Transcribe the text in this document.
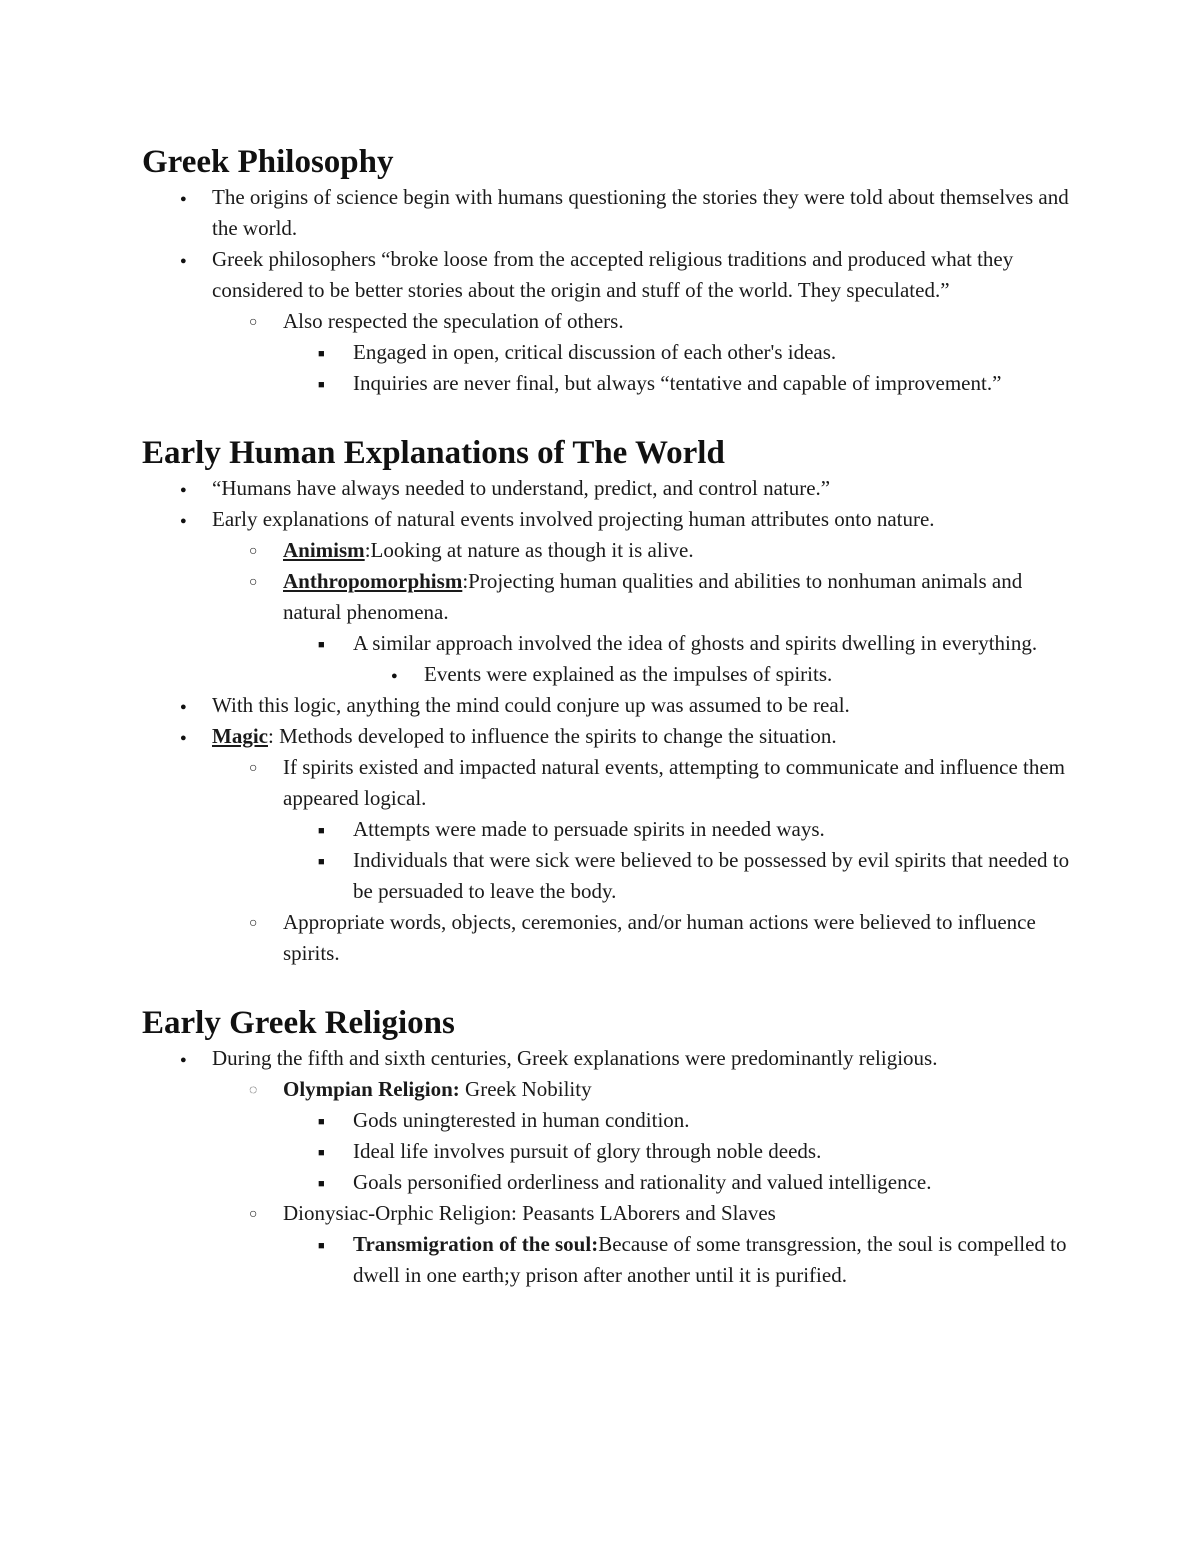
Greek Philosophy
●
The origins of science begin with humans questioning the stories they were told about themselves and the world.
●
Greek philosophers “broke loose from the accepted religious traditions and produced what they considered to be better stories about the origin and stuff of the world. They speculated.”
○
Also respected the speculation of others.
■
Engaged in open, critical discussion of each other's ideas.
■
Inquiries are never final, but always “tentative and capable of improvement.”
Early Human Explanations of The World
●
“Humans have always needed to understand, predict, and control nature.”
●
Early explanations of natural events involved projecting human attributes onto nature.
○
Animism:Looking at nature as though it is alive.
○
Anthropomorphism:Projecting human qualities and abilities to nonhuman animals and natural phenomena.
■
A similar approach involved the idea of ghosts and spirits dwelling in everything.
●
Events were explained as the impulses of spirits.
●
With this logic, anything the mind could conjure up was assumed to be real.
●
Magic: Methods developed to influence the spirits to change the situation.
○
If spirits existed and impacted natural events, attempting to communicate and influence them appeared logical.
■
Attempts were made to persuade spirits in needed ways.
■
Individuals that were sick were believed to be possessed by evil spirits that needed to be persuaded to leave the body.
○
Appropriate words, objects, ceremonies, and/or human actions were believed to influence spirits.
Early Greek Religions
●
During the fifth and sixth centuries, Greek explanations were predominantly religious.
◌
Olympian Religion: Greek Nobility
■
Gods uningterested in human condition.
■
Ideal life involves pursuit of glory through noble deeds.
■
Goals personified orderliness and rationality and valued intelligence.
○
Dionysiac-Orphic Religion: Peasants LAborers and Slaves
■
Transmigration of the soul:Because of some transgression, the soul is compelled to dwell in one earth;y prison after another until it is purified.
